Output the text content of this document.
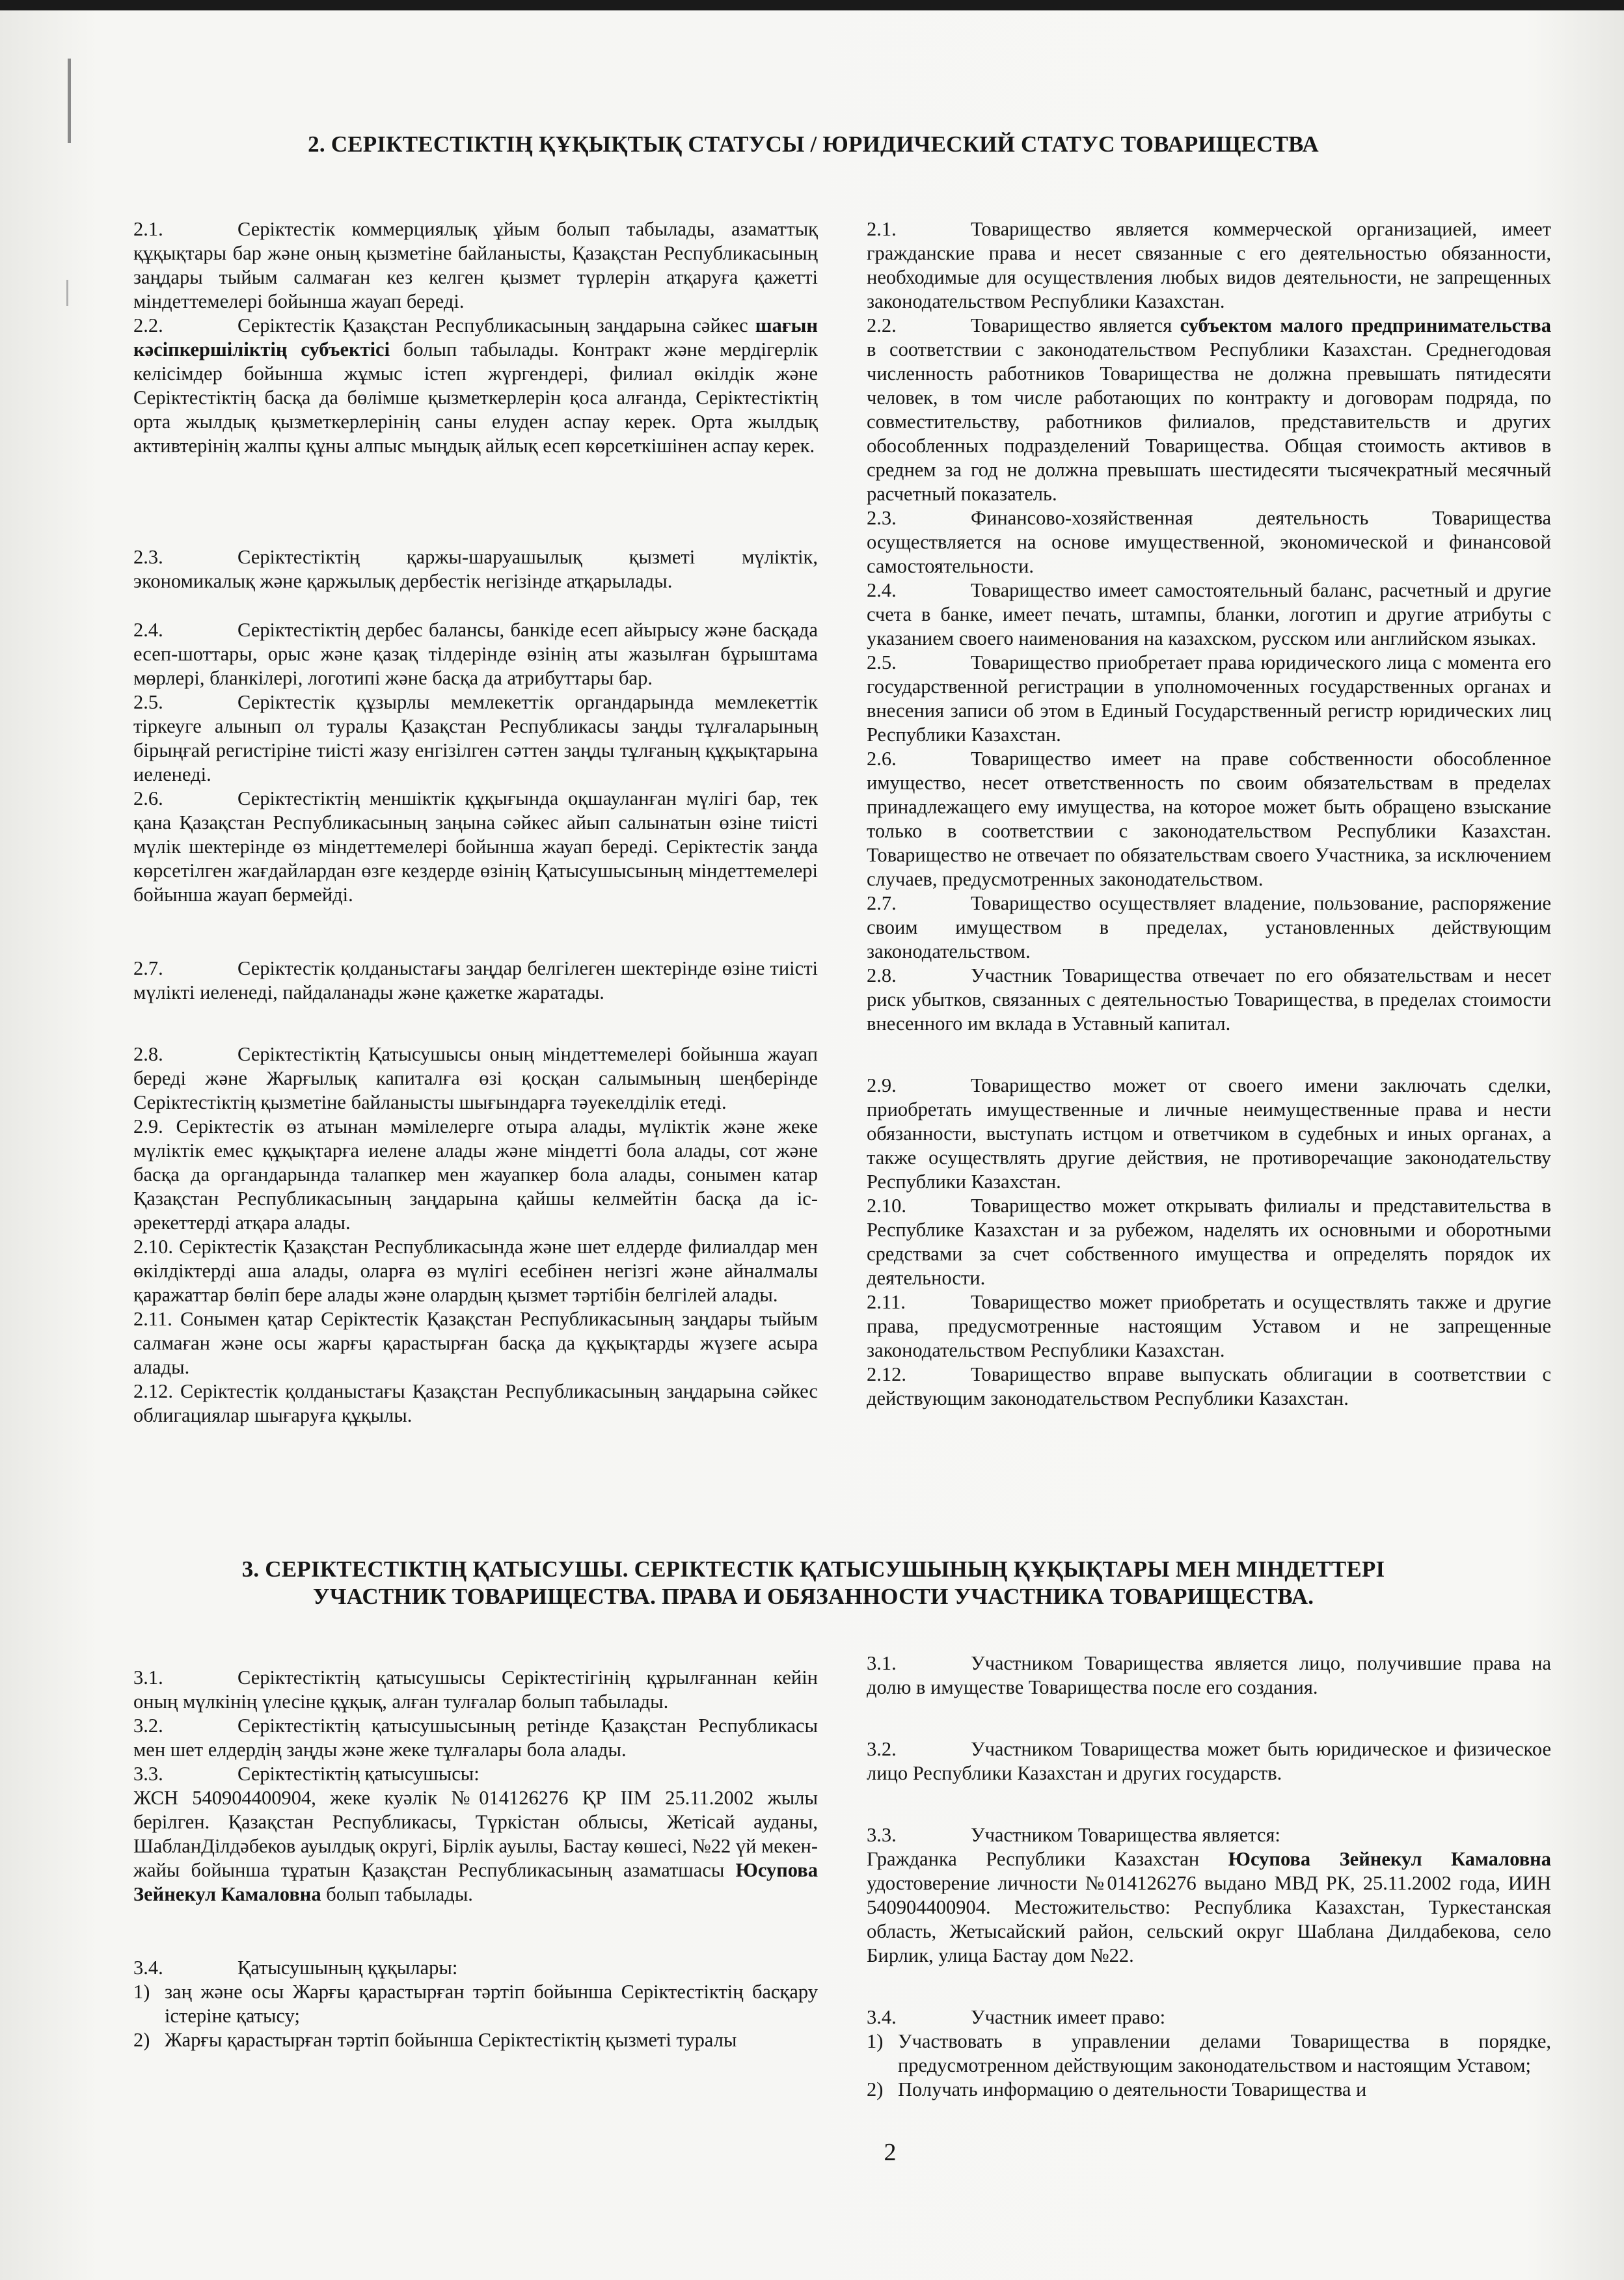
2. СЕРІКТЕСТІКТІҢ ҚҰҚЫҚТЫҚ СТАТУСЫ / ЮРИДИЧЕСКИЙ СТАТУС ТОВАРИЩЕСТВА

2.1.	Серіктестік коммерциялық ұйым болып табылады, азаматтық құқықтары бар және оның қызметіне байланысты, Қазақстан Республикасының заңдары тыйым салмаған кез келген қызмет түрлерін атқаруға қажетті міндеттемелері бойынша жауап береді.

2.2.	Серіктестік Қазақстан Республикасының заңдарына сәйкес шағын кәсіпкершіліктің субъектісі болып табылады. Контракт және мердігерлік келісімдер бойынша жұмыс істеп жүргендері, филиал өкілдік және Серіктестіктің басқа да бөлімше қызметкерлерін қоса алғанда, Серіктестіктің орта жылдық қызметкерлерінің саны елуден аспау керек. Орта жылдық активтерінің жалпы құны алпыс мыңдық айлық есеп көрсеткішінен аспау керек.

2.3.	Серіктестіктің қаржы-шаруашылық қызметі мүліктік, экономикалық және қаржылық дербестік негізінде атқарылады.

2.4.	Серіктестіктің дербес балансы, банкіде есеп айырысу және басқада есеп-шоттары, орыс және қазақ тілдерінде өзінің аты жазылған бұрыштама мөрлері, бланкілері, логотипі және басқа да атрибуттары бар.

2.5.	Серіктестік құзырлы мемлекеттік органдарында мемлекеттік тіркеуге алынып ол туралы Қазақстан Республикасы заңды тұлғаларының бірыңғай регистіріне тиісті жазу енгізілген сәттен заңды тұлғаның құқықтарына иеленеді.

2.6.	Серіктестіктің меншіктік құқығында оқшауланған мүлігі бар, тек қана Қазақстан Республикасының заңына сәйкес айып салынатын өзіне тиісті мүлік шектерінде өз міндеттемелері бойынша жауап береді. Серіктестік заңда көрсетілген жағдайлардан өзге кездерде өзінің Қатысушысының міндеттемелері бойынша жауап бермейді.

2.7.	Серіктестік қолданыстағы заңдар белгілеген шектерінде өзіне тиісті мүлікті иеленеді, пайдаланады және қажетке жаратады.

2.8.	Серіктестіктің Қатысушысы оның міндеттемелері бойынша жауап береді және Жарғылық капиталға өзі қосқан салымының шеңберінде Серіктестіктің қызметіне байланысты шығындарға тәуекелділік етеді.

2.9. Серіктестік өз атынан мәмілелерге отыра алады, мүліктік және жеке мүліктік емес құқықтарға иелене алады және міндетті бола алады, сот және басқа да органдарында талапкер мен жауапкер бола алады, сонымен катар Қазақстан Республикасының заңдарына қайшы келмейтін басқа да іс-әрекеттерді атқара алады.

2.10. Серіктестік Қазақстан Республикасында және шет елдерде филиалдар мен өкілдіктерді аша алады, оларға өз мүлігі есебінен негізгі және айналмалы қаражаттар бөліп бере алады және олардың қызмет тәртібін белгілей алады.

2.11. Сонымен қатар Серіктестік Қазақстан Республикасының заңдары тыйым салмаған және осы жарғы қарастырған басқа да құқықтарды жүзеге асыра алады.

2.12. Серіктестік қолданыстағы Қазақстан Республикасының заңдарына сәйкес облигациялар шығаруға құқылы.

2.1.	Товарищество является коммерческой организацией, имеет гражданские права и несет связанные с его деятельностью обязанности, необходимые для осуществления любых видов деятельности, не запрещенных законодательством Республики Казахстан.

2.2.	Товарищество является субъектом малого предпринимательства в соответствии с законодательством Республики Казахстан. Среднегодовая численность работников Товарищества не должна превышать пятидесяти человек, в том числе работающих по контракту и договорам подряда, по совместительству, работников филиалов, представительств и других обособленных подразделений Товарищества. Общая стоимость активов в среднем за год не должна превышать шестидесяти тысячекратный месячный расчетный показатель.

2.3.	Финансово-хозяйственная деятельность Товарищества осуществляется на основе имущественной, экономической и финансовой самостоятельности.

2.4.	Товарищество имеет самостоятельный баланс, расчетный и другие счета в банке, имеет печать, штампы, бланки, логотип и другие атрибуты с указанием своего наименования на казахском, русском или английском языках.

2.5.	Товарищество приобретает права юридического лица с момента его государственной регистрации в уполномоченных государственных органах и внесения записи об этом в Единый Государственный регистр юридических лиц Республики Казахстан.

2.6.	Товарищество имеет на праве собственности обособленное имущество, несет ответственность по своим обязательствам в пределах принадлежащего ему имущества, на которое может быть обращено взыскание только в соответствии с законодательством Республики Казахстан. Товарищество не отвечает по обязательствам своего Участника, за исключением случаев, предусмотренных законодательством.

2.7.	Товарищество осуществляет владение, пользование, распоряжение своим имуществом в пределах, установленных действующим законодательством.

2.8.	Участник Товарищества отвечает по его обязательствам и несет риск убытков, связанных с деятельностью Товарищества, в пределах стоимости внесенного им вклада в Уставный капитал.

2.9.	Товарищество может от своего имени заключать сделки, приобретать имущественные и личные неимущественные права и нести обязанности, выступать истцом и ответчиком в судебных и иных органах, а также осуществлять другие действия, не противоречащие законодательству Республики Казахстан.

2.10.	Товарищество может открывать филиалы и представительства в Республике Казахстан и за рубежом, наделять их основными и оборотными средствами за счет собственного имущества и определять порядок их деятельности.

2.11.	Товарищество может приобретать и осуществлять также и другие права, предусмотренные настоящим Уставом и не запрещенные законодательством Республики Казахстан.

2.12.	Товарищество вправе выпускать облигации в соответствии с действующим законодательством Республики Казахстан.

3. СЕРІКТЕСТІКТІҢ ҚАТЫСУШЫ. СЕРІКТЕСТІК ҚАТЫСУШЫНЫҢ ҚҰҚЫҚТАРЫ МЕН МІНДЕТТЕРІ
УЧАСТНИК ТОВАРИЩЕСТВА. ПРАВА И ОБЯЗАННОСТИ УЧАСТНИКА ТОВАРИЩЕСТВА.

3.1.	Серіктестіктің қатысушысы Серіктестігінің құрылғаннан кейін оның мүлкінің үлесіне құқық, алған тулғалар болып табылады.

3.2.	Серіктестіктің қатысушысының ретінде Қазақстан Республикасы мен шет елдердің заңды және жеке тұлғалары бола алады.

3.3.	Серіктестіктің қатысушысы:

ЖСН 540904400904, жеке куәлік №014126276 ҚР ІІМ 25.11.2002 жылы берілген. Қазақстан Республикасы, Түркістан облысы, Жетісай ауданы, ШабланДілдәбеков ауылдық округі, Бірлік ауылы, Бастау көшесі, №22 үй мекен-жайы бойынша тұратын Қазақстан Республикасының азаматшасы Юсупова Зейнекул Камаловна болып табылады.

3.4.	Қатысушының құқылары:

1) заң және осы Жарғы қарастырған тәртіп бойынша Серіктестіктің басқару істеріне қатысу;
2) Жарғы қарастырған тәртіп бойынша Серіктестіктің қызметі туралы

3.1.	Участником Товарищества является лицо, получившие права на долю в имуществе Товарищества после его создания.

3.2.	Участником Товарищества может быть юридическое и физическое лицо Республики Казахстан и других государств.

3.3.	Участником Товарищества является:

Гражданка Республики Казахстан Юсупова Зейнекул Камаловна удостоверение личности №014126276 выдано МВД РК, 25.11.2002 года, ИИН 540904400904. Местожительство: Республика Казахстан, Туркестанская область, Жетысайский район, сельский округ Шаблана Дилдабекова, село Бирлик, улица Бастау дом №22.

3.4.	Участник имеет право:

1) Участвовать в управлении делами Товарищества в порядке, предусмотренном действующим законодательством и настоящим Уставом;
2) Получать информацию о деятельности Товарищества и
2
